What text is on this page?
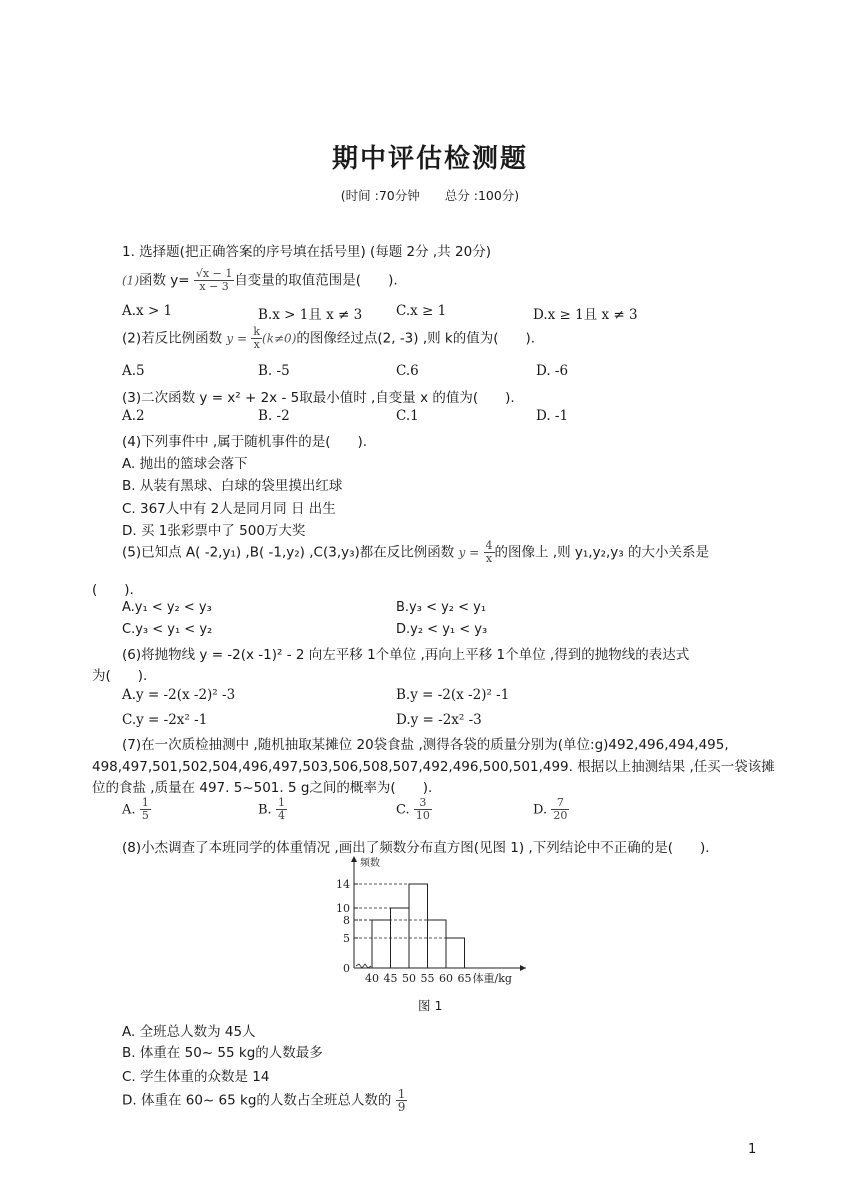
期中评估检测题
(时间 :70分钟　　总分 :100分)
1. 选择题(把正确答案的序号填在括号里) (每题 2分 ,共 20分)
(1)函数 $y= \frac{√x - 1}{x - 3}$ 自变量的取值范围是(　　).
A.x > 1	B.x > 1且 x ≠ 3	C.x ≥ 1	D.x ≥ 1且 x ≠ 3
(2)若反比例函数 $y = \frac{k}{x} (k\ne 0)$的图像经过点(2, -3) ,则 k的值为(　　).
A.5	B. -5	C.6	D. -6
(3)二次函数 y = x² + 2x - 5取最小值时 ,自变量 x 的值为(　　).
A.2	B. -2	C.1	D. -1
(4)下列事件中 ,属于随机事件的是(　　).
A. 抛出的篮球会落下
B. 从装有黑球、白球的袋里摸出红球
C. 367人中有 2人是同月同 日 出生
D. 买 1张彩票中了 500万大奖
(5)已知点 A( -2,y₁) ,B( -1,y₂) ,C(3,y₃)都在反比例函数 $y = \frac{4}{x}$ 的图像上 ,则 y₁,y₂,y₃ 的大小关系是
(　　).
A.y₁ < y₂ < y₃	B.y₃ < y₂ < y₁
C.y₃ < y₁ < y₂	D.y₂ < y₁ < y₃
(6)将抛物线 y = -2(x -1)² - 2 向左平移 1个单位 ,再向上平移 1个单位 ,得到的抛物线的表达式
为(　　).
A.y = -2(x -2)² -3	B.y = -2(x -2)² -1
C.y = -2x² -1	D.y = -2x² -3
(7)在一次质检抽测中 ,随机抽取某摊位 20袋食盐 ,测得各袋的质量分别为(单位:g)492,496,494,495,
498,497,501,502,504,496,497,503,506,508,507,492,496,500,501,499. 根据以上抽测结果 ,任买一袋该摊
位的食盐 ,质量在 497. 5~501. 5 g之间的概率为(　　).
A. $\frac{1}{5}$	B. $\frac{1}{4}$	C. $\frac{3}{10}$	D. $\frac{7}{20}$
(8)小杰调查了本班同学的体重情况 ,画出了频数分布直方图(见图 1) ,下列结论中不正确的是(　　).
频数
0
5
8
10
14
40 45 50 55 60 65 体重/kg
图 1
A. 全班总人数为 45人
B. 体重在 50~ 55 kg的人数最多
C. 学生体重的众数是 14
D. 体重在 60~ 65 kg的人数占全班总人数的 $\frac{1}{9}$
1
